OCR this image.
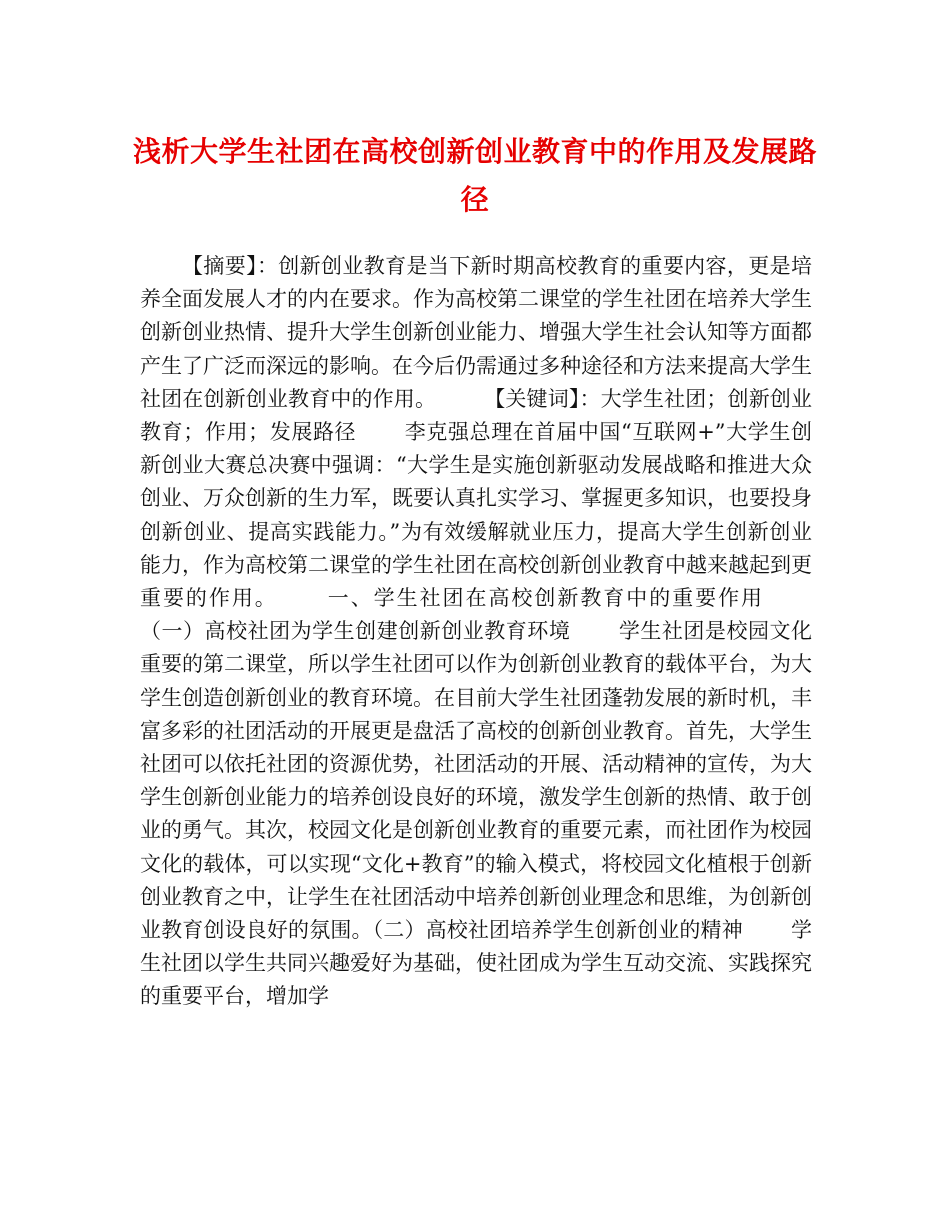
浅析大学生社团在高校创新创业教育中的作用及发展路径

【摘要】：创新创业教育是当下新时期高校教育的重要内容，更是培养全面发展人才的内在要求。作为高校第二课堂的学生社团在培养大学生创新创业热情、提升大学生创新创业能力、增强大学生社会认知等方面都产生了广泛而深远的影响。在今后仍需通过多种途径和方法来提高大学生社团在创新创业教育中的作用。 【关键词】：大学生社团；创新创业教育；作用；发展路径 李克强总理在首届中国“互联网+”大学生创新创业大赛总决赛中强调：“大学生是实施创新驱动发展战略和推进大众创业、万众创新的生力军，既要认真扎实学习、掌握更多知识，也要投身创新创业、提高实践能力。”为有效缓解就业压力，提高大学生创新创业能力，作为高校第二课堂的学生社团在高校创新创业教育中越来越起到更重要的作用。 一、学生社团在高校创新教育中的重要作用（一）高校社团为学生创建创新创业教育环境 学生社团是校园文化重要的第二课堂，所以学生社团可以作为创新创业教育的载体平台，为大学生创造创新创业的教育环境。在目前大学生社团蓬勃发展的新时机，丰富多彩的社团活动的开展更是盘活了高校的创新创业教育。首先，大学生社团可以依托社团的资源优势，社团活动的开展、活动精神的宣传，为大学生创新创业能力的培养创设良好的环境，激发学生创新的热情、敢于创业的勇气。其次，校园文化是创新创业教育的重要元素，而社团作为校园文化的载体，可以实现“文化+教育”的输入模式，将校园文化植根于创新创业教育之中，让学生在社团活动中培养创新创业理念和思维，为创新创业教育创设良好的氛围。（二）高校社团培养学生创新创业的精神 学生社团以学生共同兴趣爱好为基础，使社团成为学生互动交流、实践探究的重要平台，增加学
